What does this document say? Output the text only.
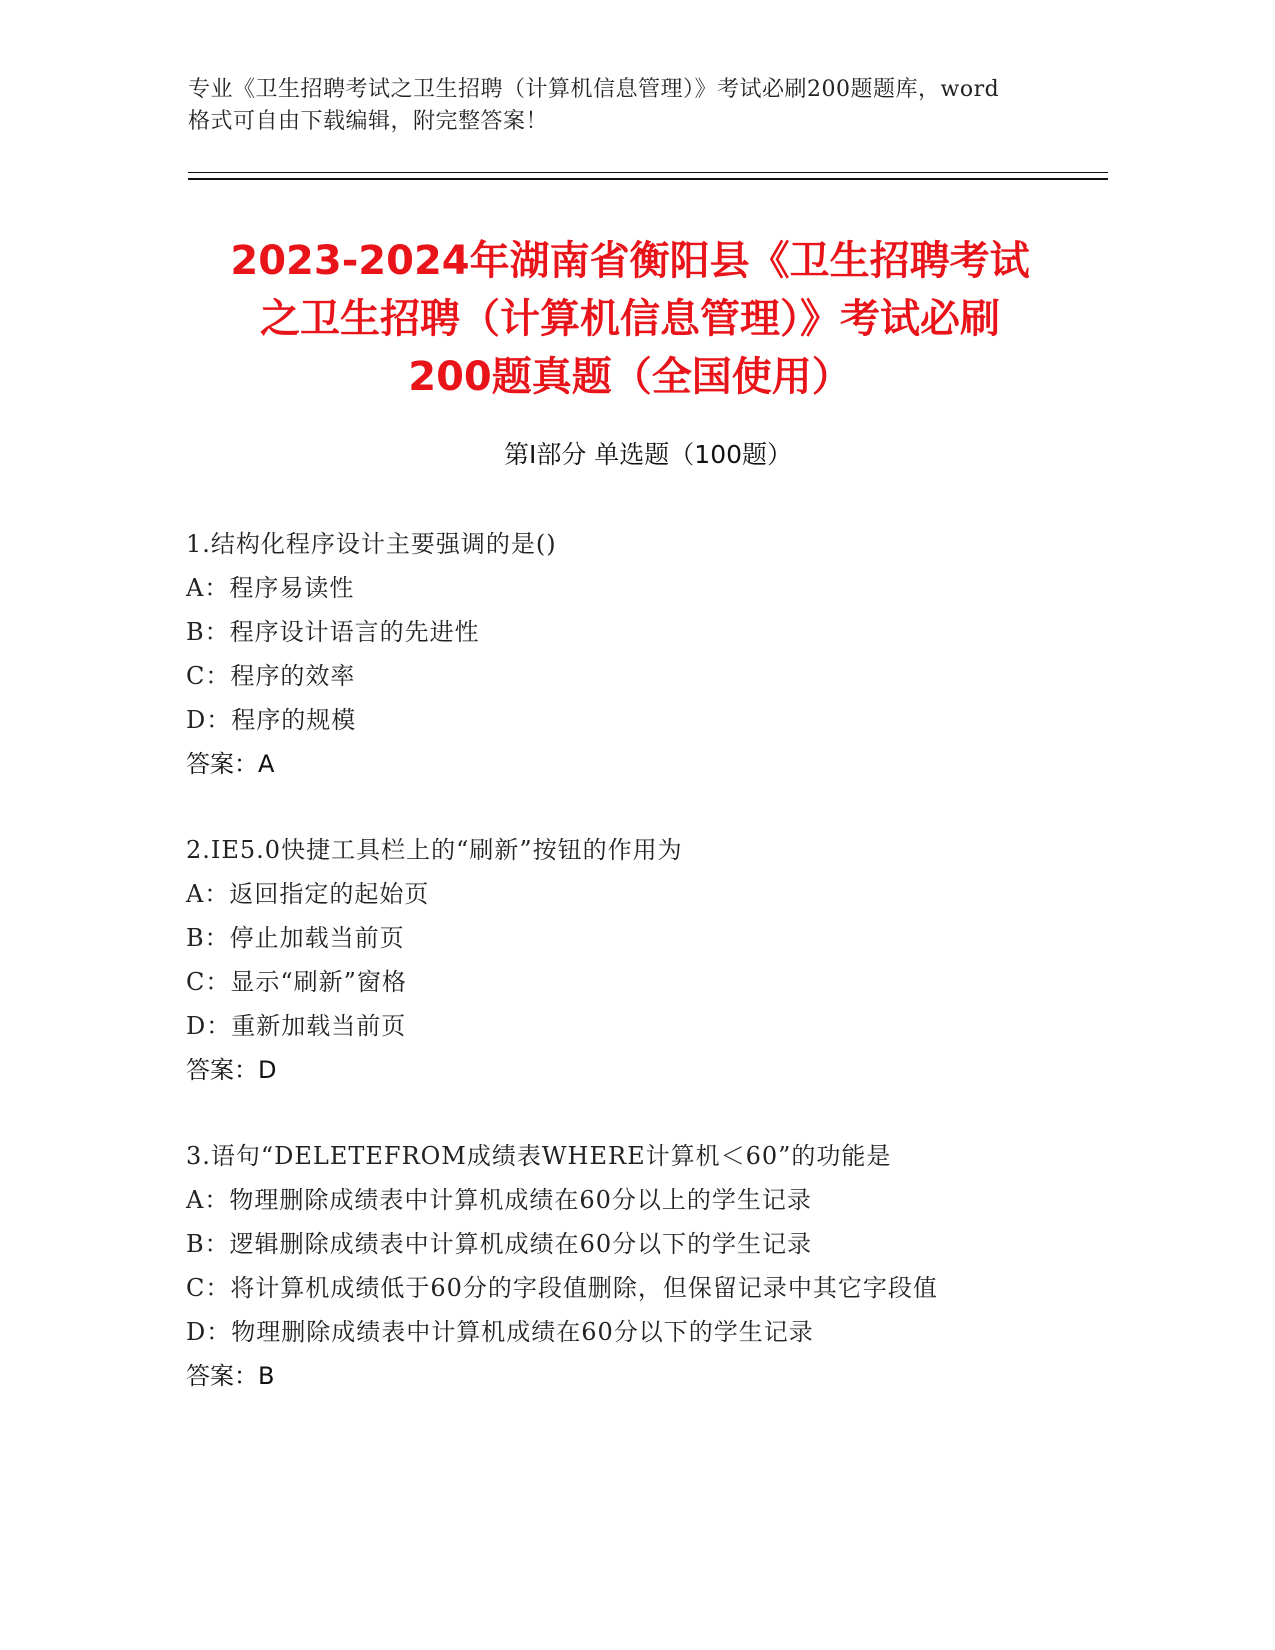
专业《卫生招聘考试之卫生招聘（计算机信息管理）》考试必刷200题题库，word
格式可自由下载编辑，附完整答案！
2023-2024年湖南省衡阳县《卫生招聘考试
之卫生招聘（计算机信息管理）》考试必刷
200题真题（全国使用）
第Ⅰ部分 单选题（100题）
1.结构化程序设计主要强调的是()
A：程序易读性
B：程序设计语言的先进性
C：程序的效率
D：程序的规模
答案：A
2.IE5.0快捷工具栏上的“刷新”按钮的作用为
A：返回指定的起始页
B：停止加载当前页
C：显示“刷新”窗格
D：重新加载当前页
答案：D
3.语句“DELETEFROM成绩表WHERE计算机＜60”的功能是
A：物理删除成绩表中计算机成绩在60分以上的学生记录
B：逻辑删除成绩表中计算机成绩在60分以下的学生记录
C：将计算机成绩低于60分的字段值删除，但保留记录中其它字段值
D：物理删除成绩表中计算机成绩在60分以下的学生记录
答案：B
